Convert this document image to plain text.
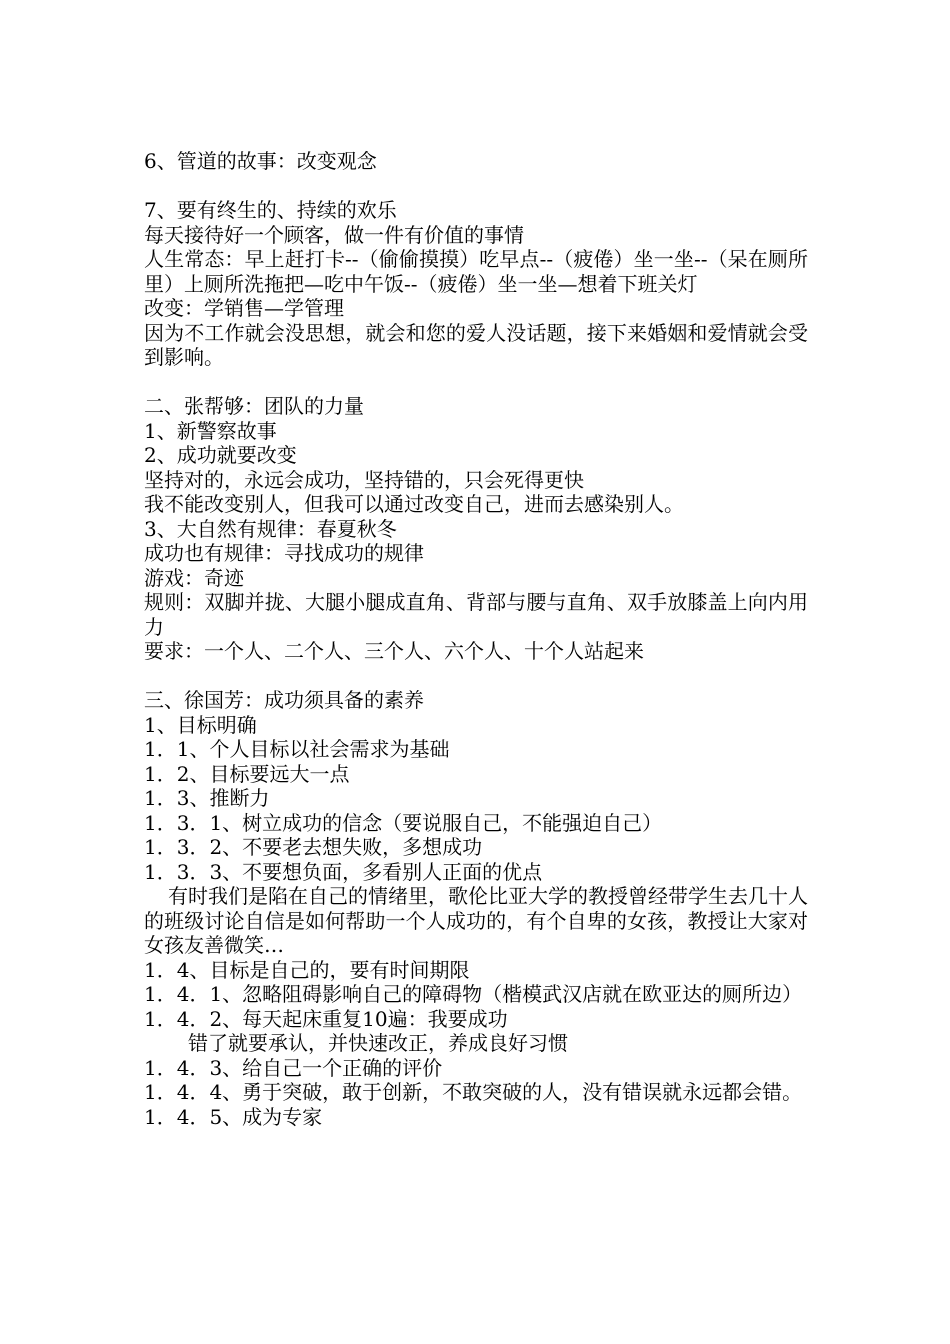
6、管道的故事：改变观念
7、要有终生的、持续的欢乐
每天接待好一个顾客，做一件有价值的事情
人生常态：早上赶打卡--（偷偷摸摸）吃早点--（疲倦）坐一坐--（呆在厕所里）上厕所洗拖把—吃中午饭--（疲倦）坐一坐—想着下班关灯
改变：学销售—学管理
因为不工作就会没思想，就会和您的爱人没话题，接下来婚姻和爱情就会受到影响。
二、张帮够：团队的力量
1、新警察故事
2、成功就要改变
坚持对的，永远会成功，坚持错的，只会死得更快
我不能改变别人，但我可以通过改变自己，进而去感染别人。
3、大自然有规律：春夏秋冬
成功也有规律：寻找成功的规律
游戏：奇迹
规则：双脚并拢、大腿小腿成直角、背部与腰与直角、双手放膝盖上向内用力
要求：一个人、二个人、三个人、六个人、十个人站起来
三、徐国芳：成功须具备的素养
1、目标明确
1．1、个人目标以社会需求为基础
1．2、目标要远大一点
1．3、推断力
1．3．1、树立成功的信念（要说服自己，不能强迫自己）
1．3．2、不要老去想失败，多想成功
1．3．3、不要想负面，多看别人正面的优点
有时我们是陷在自己的情绪里，歌伦比亚大学的教授曾经带学生去几十人的班级讨论自信是如何帮助一个人成功的，有个自卑的女孩，教授让大家对女孩友善微笑…
1．4、目标是自己的，要有时间期限
1．4．1、忽略阻碍影响自己的障碍物（楷模武汉店就在欧亚达的厕所边）
1．4．2、每天起床重复10遍：我要成功
错了就要承认，并快速改正，养成良好习惯
1．4．3、给自己一个正确的评价
1．4．4、勇于突破，敢于创新，不敢突破的人，没有错误就永远都会错。
1．4．5、成为专家
